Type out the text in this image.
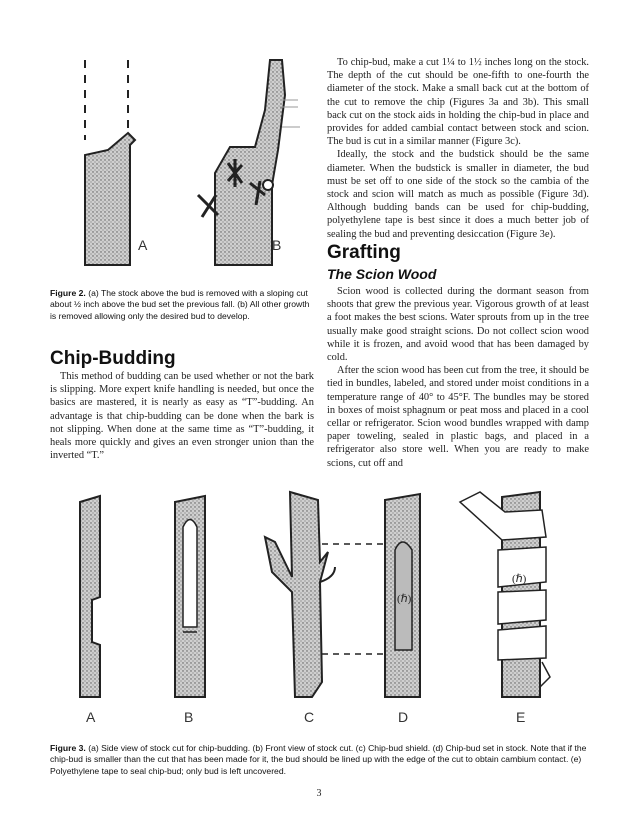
A	B
Figure 2. (a) The stock above the bud is removed with a sloping cut about ½ inch above the bud set the previous fall. (b) All other growth is removed allowing only the desired bud to develop.
Chip-Budding

This method of budding can be used whether or not the bark is slipping. More expert knife handling is needed, but once the basics are mastered, it is nearly as easy as “T”-budding. An advantage is that chip-budding can be done when the bark is not slipping. When done at the same time as “T”-budding, it heals more quickly and gives an even stronger union than the inverted “T.”

To chip-bud, make a cut 1¼ to 1½ inches long on the stock. The depth of the cut should be one-fifth to one-fourth the diameter of the stock. Make a small back cut at the bottom of the cut to remove the chip (Figures 3a and 3b). This small back cut on the stock aids in holding the chip-bud in place and provides for added cambial contact between stock and scion. The bud is cut in a similar manner (Figure 3c).

Ideally, the stock and the budstick should be the same diameter. When the budstick is smaller in diameter, the bud must be set off to one side of the stock so the cambia of the stock and scion will match as much as possible (Figure 3d). Although budding bands can be used for chip-budding, polyethylene tape is best since it does a much better job of sealing the bud and preventing desiccation (Figure 3e).

Grafting
The Scion Wood

Scion wood is collected during the dormant season from shoots that grew the previous year. Vigorous growth of at least a foot makes the best scions. Water sprouts from up in the tree usually make good straight scions. Do not collect scion wood while it is frozen, and avoid wood that has been damaged by cold.

After the scion wood has been cut from the tree, it should be tied in bundles, labeled, and stored under moist conditions in a temperature range of 40° to 45°F. The bundles may be stored in boxes of moist sphagnum or peat moss and placed in a cool cellar or refrigerator. Scion wood bundles wrapped with damp paper toweling, sealed in plastic bags, and placed in a refrigerator also store well. When you are ready to make scions, cut off and

A	B	C
(ℏ)
D
(ℏ)
E
Figure 3. (a) Side view of stock cut for chip-budding. (b) Front view of stock cut. (c) Chip-bud shield. (d) Chip-bud set in stock. Note that if the chip-bud is smaller than the cut that has been made for it, the bud should be lined up with the edge of the cut to obtain cambium contact. (e) Polyethylene tape to seal chip-bud; only bud is left uncovered.
3
